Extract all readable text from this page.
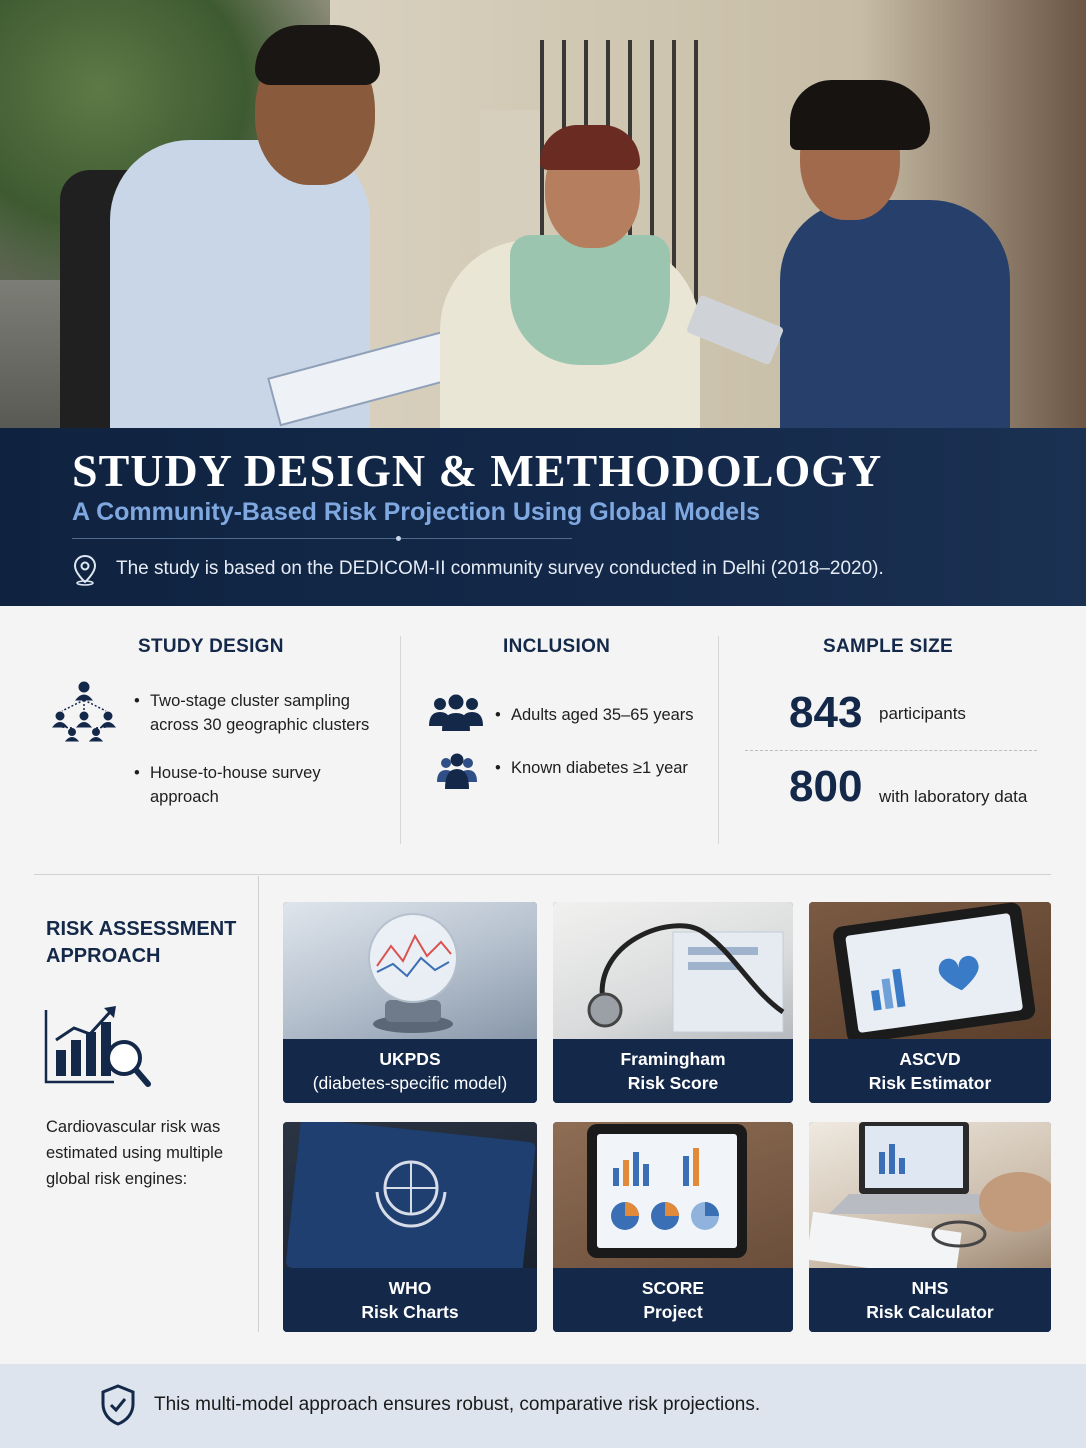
STUDY DESIGN & METHODOLOGY
A Community-Based Risk Projection Using Global Models
The study is based on the DEDICOM-II community survey conducted in Delhi (2018–2020).
STUDY DESIGN
• Two-stage cluster sampling
across 30 geographic clusters
• House-to-house survey
approach
INCLUSION
• Adults aged 35–65 years
• Known diabetes ≥1 year
SAMPLE SIZE
843 participants
800 with laboratory data
RISK ASSESSMENT
APPROACH
Cardiovascular risk was estimated using multiple global risk engines:
UKPDS
(diabetes-specific model)
Framingham
Risk Score
ASCVD
Risk Estimator
WHO
Risk Charts
SCORE
Project
NHS
Risk Calculator
This multi-model approach ensures robust, comparative risk projections.
